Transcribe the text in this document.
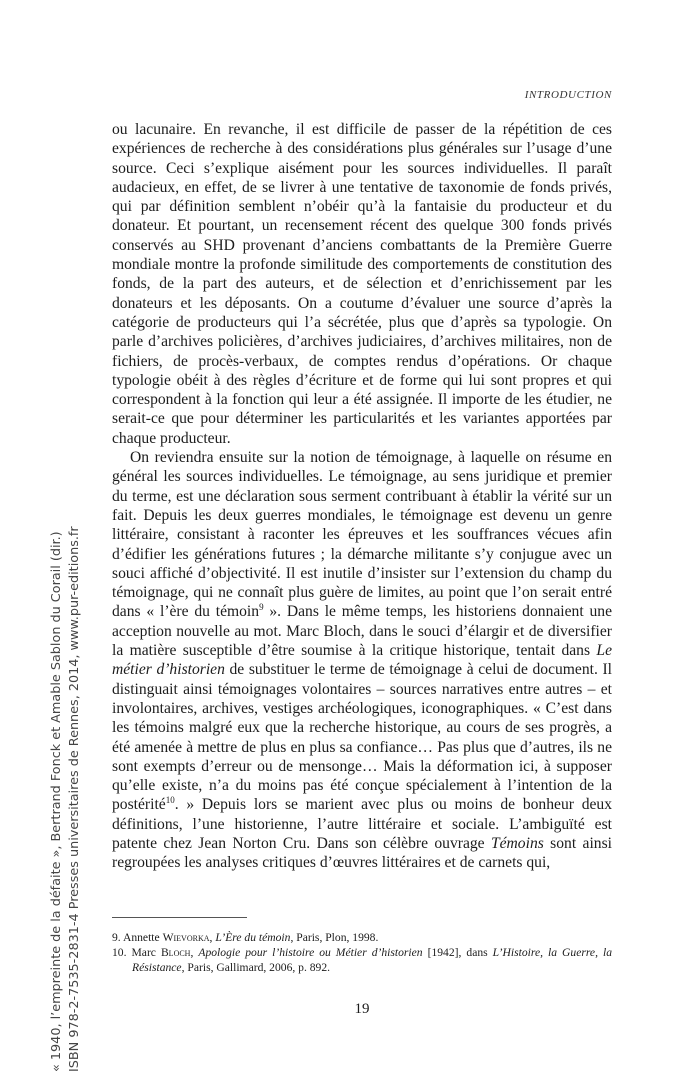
INTRODUCTION

ou lacunaire. En revanche, il est difficile de passer de la répétition de ces expériences de recherche à des considérations plus générales sur l’usage d’une source. Ceci s’explique aisément pour les sources individuelles. Il paraît audacieux, en effet, de se livrer à une tentative de taxonomie de fonds privés, qui par définition semblent n’obéir qu’à la fantaisie du producteur et du donateur. Et pourtant, un recensement récent des quelque 300 fonds privés conservés au SHD provenant d’anciens combattants de la Première Guerre mondiale montre la profonde similitude des comportements de constitution des fonds, de la part des auteurs, et de sélection et d’enrichissement par les donateurs et les déposants. On a coutume d’évaluer une source d’après la catégorie de producteurs qui l’a sécrétée, plus que d’après sa typologie. On parle d’archives policières, d’archives judiciaires, d’archives militaires, non de fichiers, de procès-verbaux, de comptes rendus d’opérations. Or chaque typologie obéit à des règles d’écriture et de forme qui lui sont propres et qui correspondent à la fonction qui leur a été assignée. Il importe de les étudier, ne serait-ce que pour déterminer les particularités et les variantes apportées par chaque producteur.

On reviendra ensuite sur la notion de témoignage, à laquelle on résume en général les sources individuelles. Le témoignage, au sens juridique et premier du terme, est une déclaration sous serment contribuant à établir la vérité sur un fait. Depuis les deux guerres mondiales, le témoignage est devenu un genre littéraire, consistant à raconter les épreuves et les souffrances vécues afin d’édifier les générations futures ; la démarche militante s’y conjugue avec un souci affiché d’objectivité. Il est inutile d’insister sur l’extension du champ du témoignage, qui ne connaît plus guère de limites, au point que l’on serait entré dans « l’ère du témoin$^9$ ». Dans le même temps, les historiens donnaient une acception nouvelle au mot. Marc Bloch, dans le souci d’élargir et de diversifier la matière susceptible d’être soumise à la critique historique, tentait dans Le métier d’historien de substituer le terme de témoignage à celui de document. Il distinguait ainsi témoignages volontaires – sources narratives entre autres – et involontaires, archives, vestiges archéologiques, iconographiques. « C’est dans les témoins malgré eux que la recherche historique, au cours de ses progrès, a été amenée à mettre de plus en plus sa confiance… Pas plus que d’autres, ils ne sont exempts d’erreur ou de mensonge… Mais la déformation ici, à supposer qu’elle existe, n’a du moins pas été conçue spécialement à l’intention de la postérité$^{10}$. » Depuis lors se marient avec plus ou moins de bonheur deux définitions, l’une historienne, l’autre littéraire et sociale. L’ambiguïté est patente chez Jean Norton Cru. Dans son célèbre ouvrage Témoins sont ainsi regroupées les analyses critiques d’œuvres littéraires et de carnets qui,

9. Annette Wievorka, L’Ère du témoin, Paris, Plon, 1998.
10. Marc Bloch, Apologie pour l’histoire ou Métier d’historien [1942], dans L’Histoire, la Guerre, la Résistance, Paris, Gallimard, 2006, p. 892.
19
« 1940, l’empreinte de la défaite », Bertrand Fonck et Amable Sablon du Corail (dir.) ISBN 978-2-7535-2831-4 Presses universitaires de Rennes, 2014, www.pur-editions.fr
